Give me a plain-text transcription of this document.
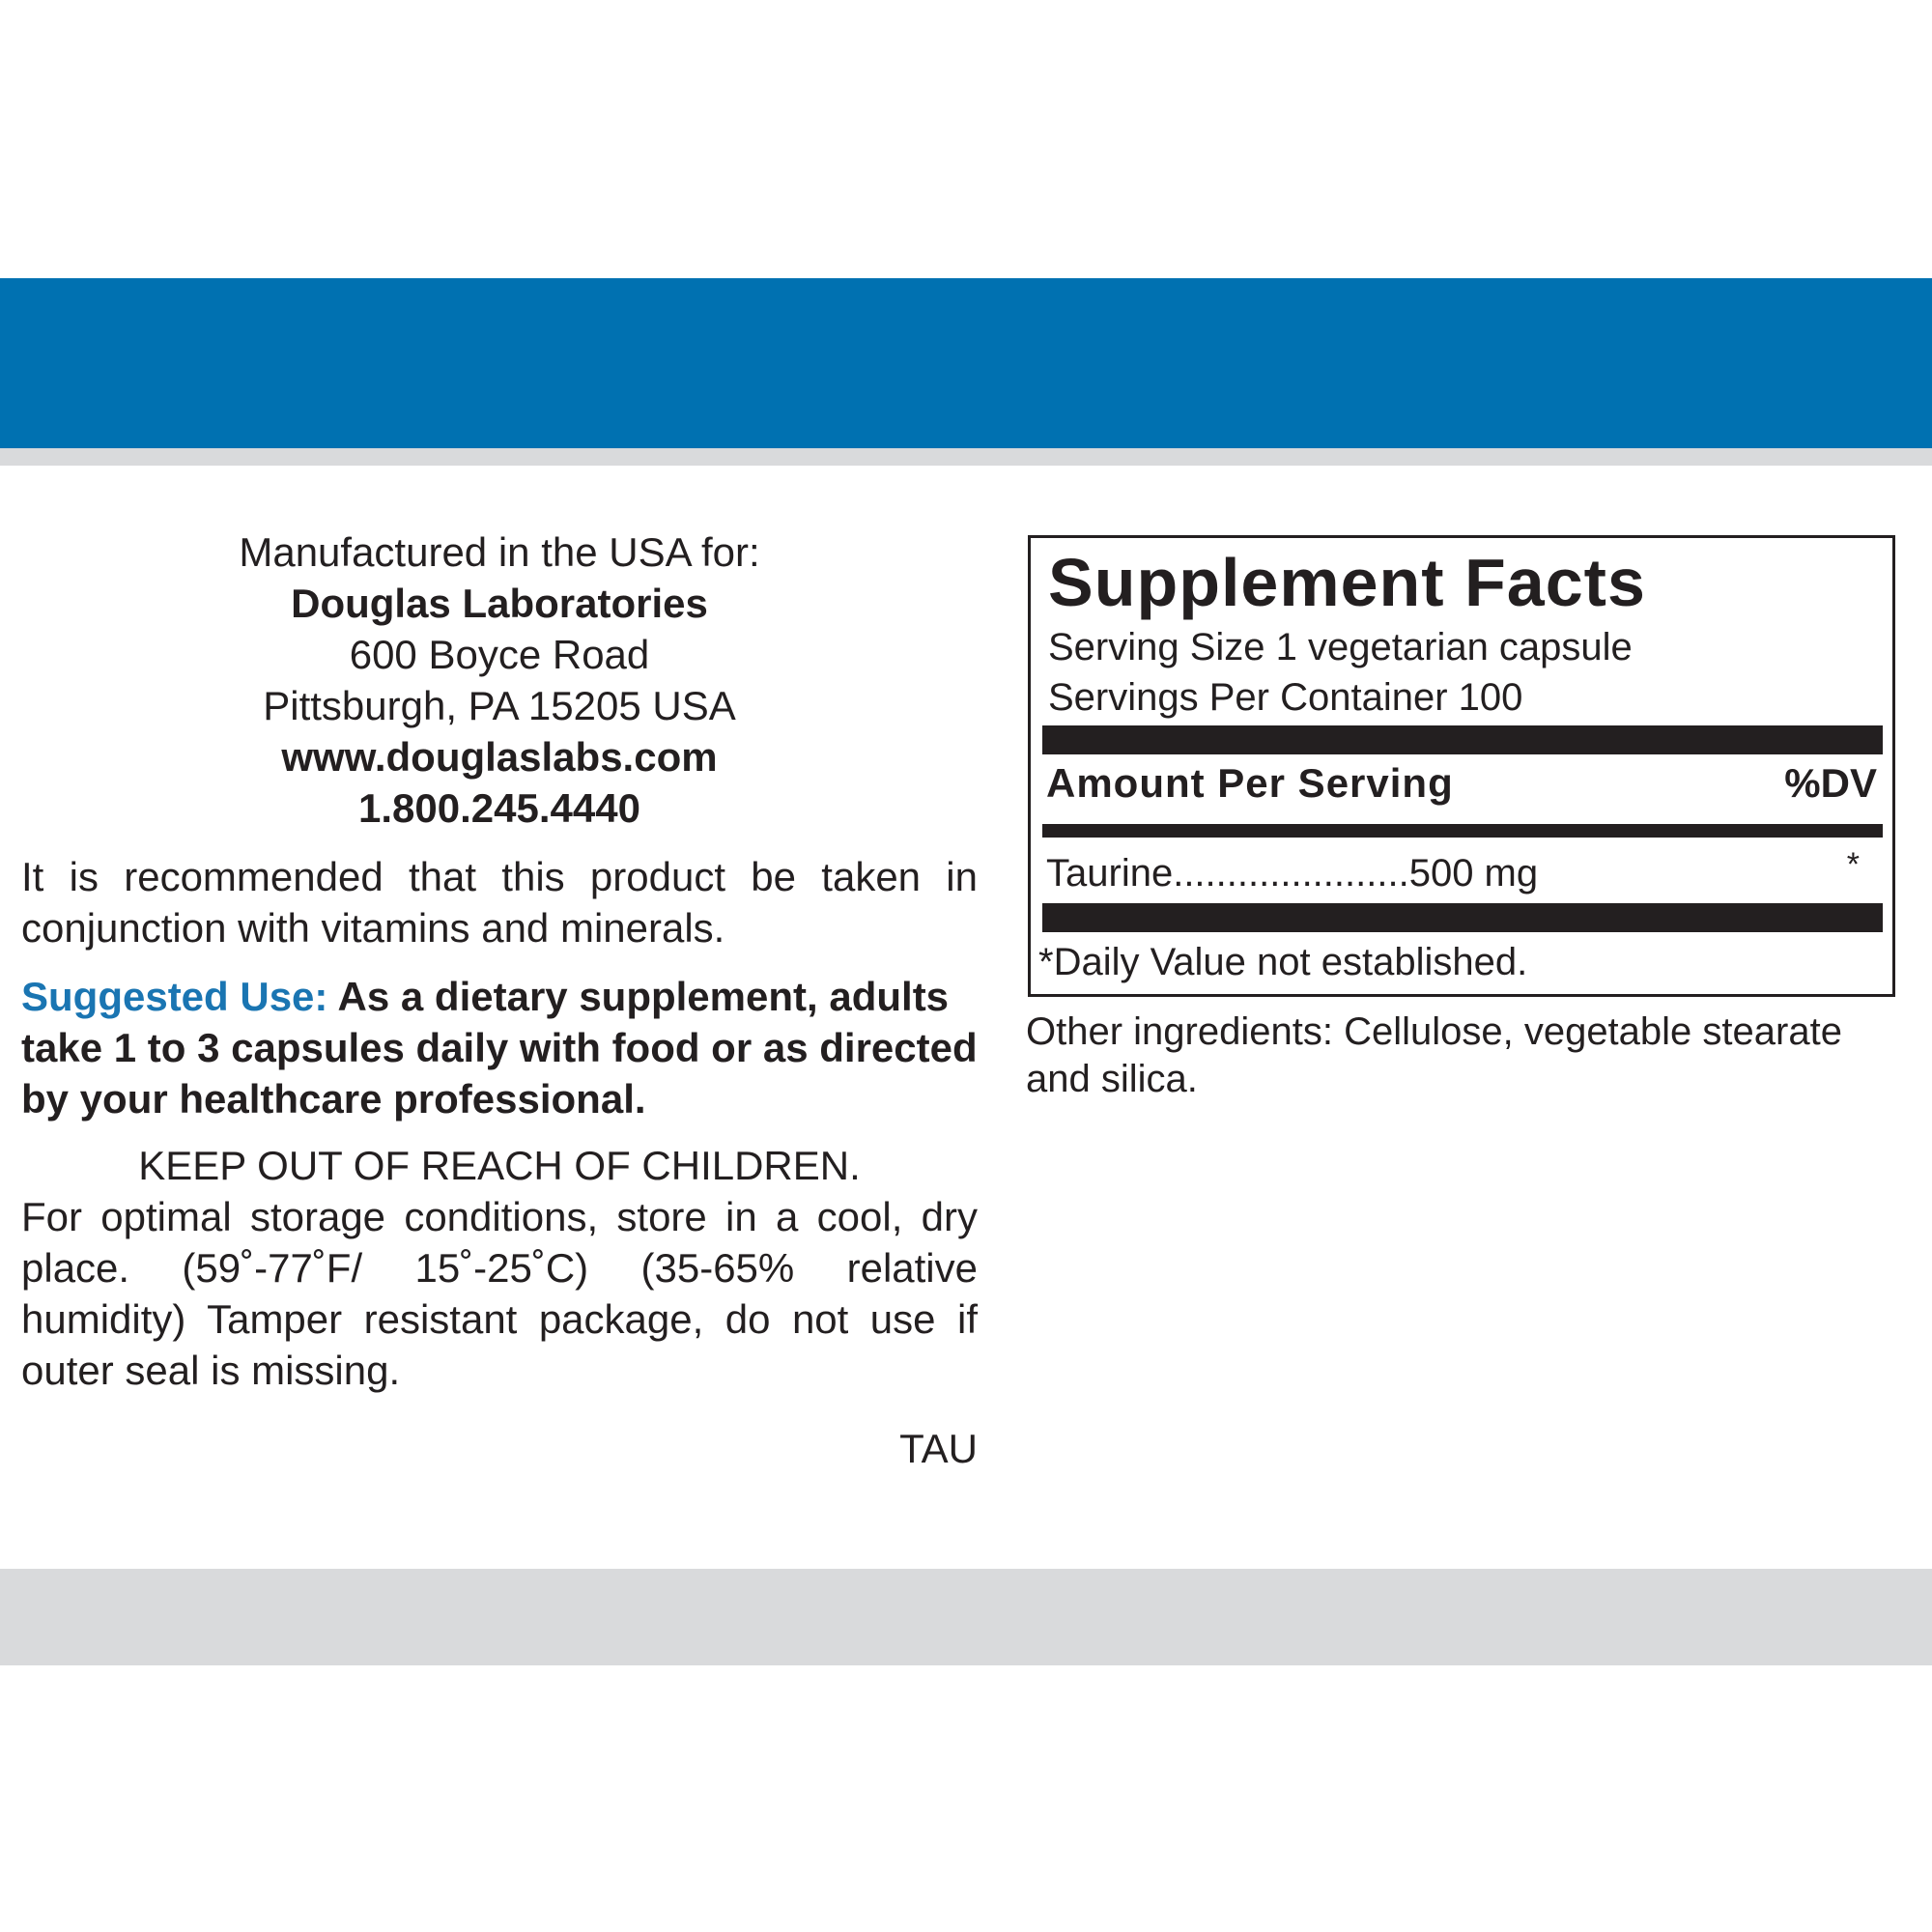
Manufactured in the USA for:
Douglas Laboratories
600 Boyce Road
Pittsburgh, PA 15205 USA
www.douglaslabs.com
1.800.245.4440
It is recommended that this product be taken in conjunction with vitamins and minerals.
Suggested Use: As a dietary supplement, adults take 1 to 3 capsules daily with food or as directed by your healthcare professional.
KEEP OUT OF REACH OF CHILDREN.
For optimal storage conditions, store in a cool, dry place. (59˚-77˚F/ 15˚-25˚C) (35-65% relative humidity) Tamper resistant package, do not use if outer seal is missing.
TAU
Supplement Facts
Serving Size 1 vegetarian capsule
Servings Per Container 100
Amount Per Serving	%DV
Taurine......................500 mg	*
*Daily Value not established.
Other ingredients: Cellulose, vegetable stearate and silica.
